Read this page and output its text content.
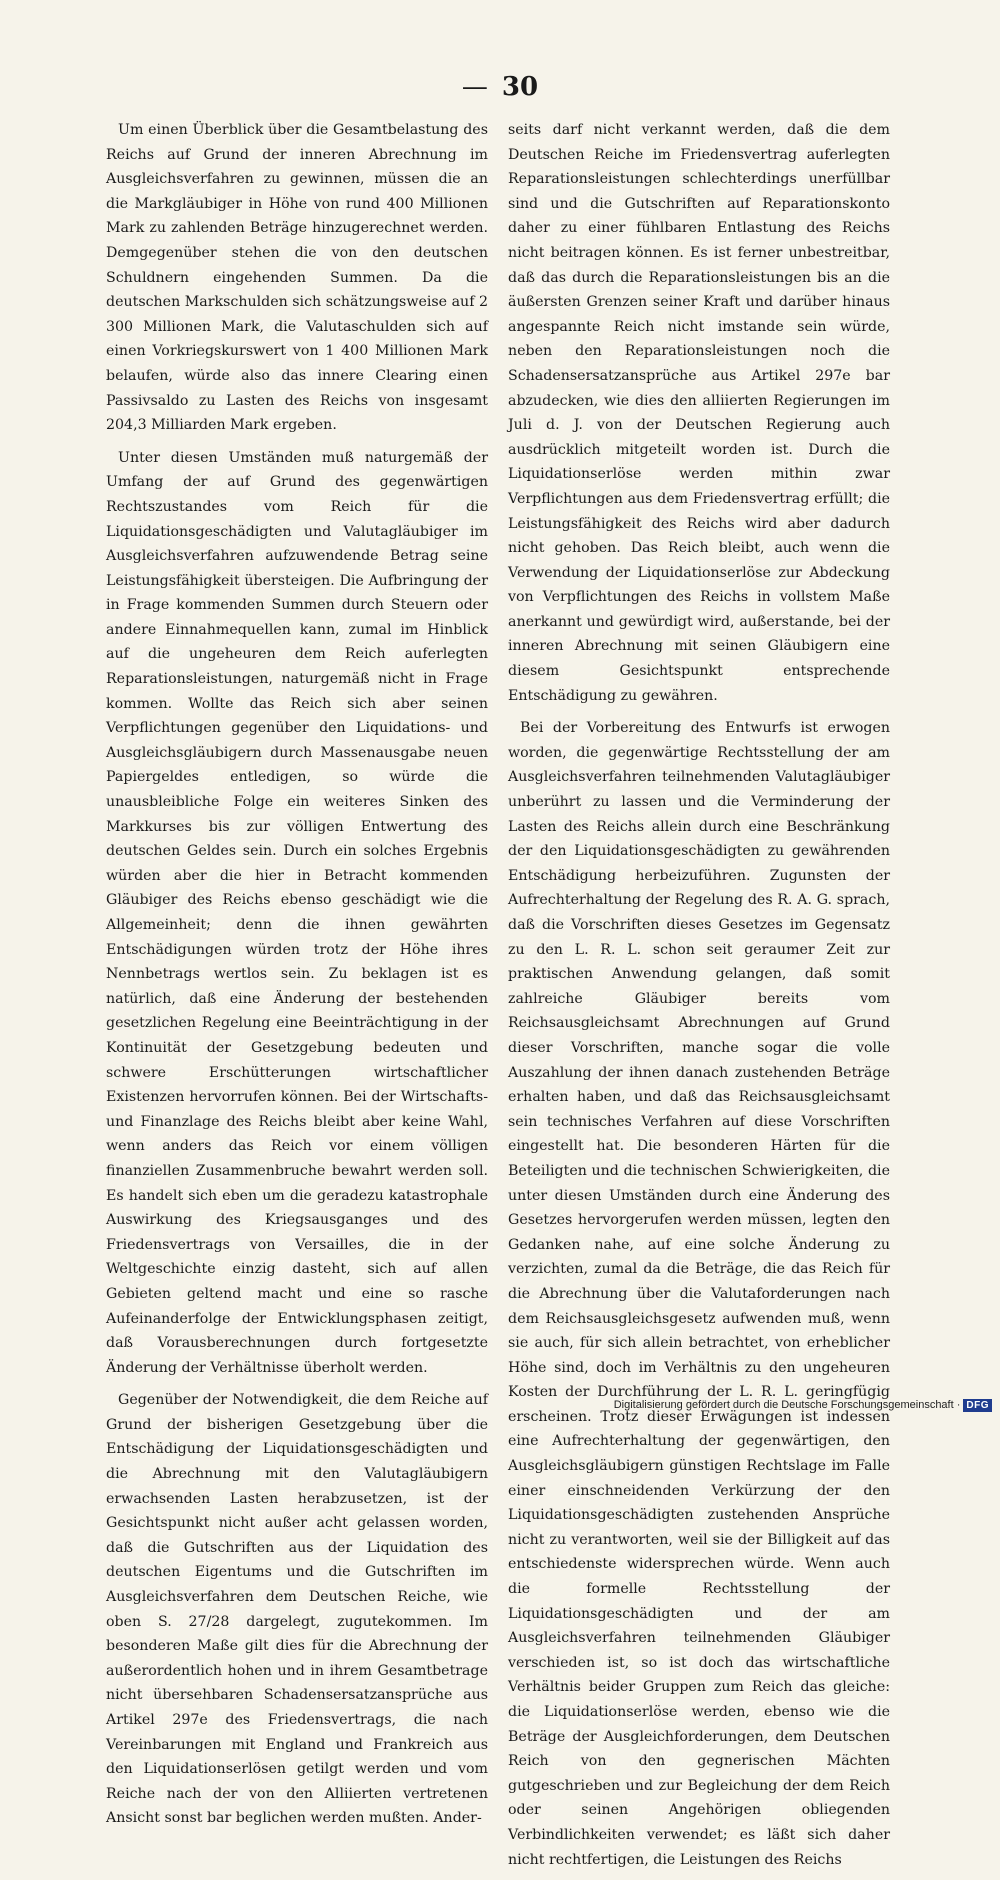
— 30

Um einen Überblick über die Gesamtbelastung des Reichs auf Grund der inneren Abrechnung im Ausgleichsverfahren zu gewinnen, müssen die an die Markgläubiger in Höhe von rund 400 Millionen Mark zu zahlenden Beträge hinzugerechnet werden. Demgegenüber stehen die von den deutschen Schuldnern eingehenden Summen. Da die deutschen Markschulden sich schätzungsweise auf 2 300 Millionen Mark, die Valutaschulden sich auf einen Vorkriegskurswert von 1 400 Millionen Mark belaufen, würde also das innere Clearing einen Passivsaldo zu Lasten des Reichs von insgesamt 204,3 Milliarden Mark ergeben.

Unter diesen Umständen muß naturgemäß der Umfang der auf Grund des gegenwärtigen Rechtszustandes vom Reich für die Liquidationsgeschädigten und Valutagläubiger im Ausgleichsverfahren aufzuwendende Betrag seine Leistungsfähigkeit übersteigen. Die Aufbringung der in Frage kommenden Summen durch Steuern oder andere Einnahmequellen kann, zumal im Hinblick auf die ungeheuren dem Reich auferlegten Reparationsleistungen, naturgemäß nicht in Frage kommen. Wollte das Reich sich aber seinen Verpflichtungen gegenüber den Liquidations- und Ausgleichsgläubigern durch Massenausgabe neuen Papiergeldes entledigen, so würde die unausbleibliche Folge ein weiteres Sinken des Markkurses bis zur völligen Entwertung des deutschen Geldes sein. Durch ein solches Ergebnis würden aber die hier in Betracht kommenden Gläubiger des Reichs ebenso geschädigt wie die Allgemeinheit; denn die ihnen gewährten Entschädigungen würden trotz der Höhe ihres Nennbetrags wertlos sein. Zu beklagen ist es natürlich, daß eine Änderung der bestehenden gesetzlichen Regelung eine Beeinträchtigung in der Kontinuität der Gesetzgebung bedeuten und schwere Erschütterungen wirtschaftlicher Existenzen hervorrufen können. Bei der Wirtschafts- und Finanzlage des Reichs bleibt aber keine Wahl, wenn anders das Reich vor einem völligen finanziellen Zusammenbruche bewahrt werden soll. Es handelt sich eben um die geradezu katastrophale Auswirkung des Kriegsausganges und des Friedensvertrags von Versailles, die in der Weltgeschichte einzig dasteht, sich auf allen Gebieten geltend macht und eine so rasche Aufeinanderfolge der Entwicklungsphasen zeitigt, daß Vorausberechnungen durch fortgesetzte Änderung der Verhältnisse überholt werden.

Gegenüber der Notwendigkeit, die dem Reiche auf Grund der bisherigen Gesetzgebung über die Entschädigung der Liquidationsgeschädigten und die Abrechnung mit den Valutagläubigern erwachsenden Lasten herabzusetzen, ist der Gesichtspunkt nicht außer acht gelassen worden, daß die Gutschriften aus der Liquidation des deutschen Eigentums und die Gutschriften im Ausgleichsverfahren dem Deutschen Reiche, wie oben S. 27/28 dargelegt, zugutekommen. Im besonderen Maße gilt dies für die Abrechnung der außerordentlich hohen und in ihrem Gesamtbetrage nicht übersehbaren Schadensersatzansprüche aus Artikel 297e des Friedensvertrags, die nach Vereinbarungen mit England und Frankreich aus den Liquidationserlösen getilgt werden und vom Reiche nach der von den Alliierten vertretenen Ansicht sonst bar beglichen werden mußten. Ander-

seits darf nicht verkannt werden, daß die dem Deutschen Reiche im Friedensvertrag auferlegten Reparationsleistungen schlechterdings unerfüllbar sind und die Gutschriften auf Reparationskonto daher zu einer fühlbaren Entlastung des Reichs nicht beitragen können. Es ist ferner unbestreitbar, daß das durch die Reparationsleistungen bis an die äußersten Grenzen seiner Kraft und darüber hinaus angespannte Reich nicht imstande sein würde, neben den Reparationsleistungen noch die Schadensersatzansprüche aus Artikel 297e bar abzudecken, wie dies den alliierten Regierungen im Juli d. J. von der Deutschen Regierung auch ausdrücklich mitgeteilt worden ist. Durch die Liquidationserlöse werden mithin zwar Verpflichtungen aus dem Friedensvertrag erfüllt; die Leistungsfähigkeit des Reichs wird aber dadurch nicht gehoben. Das Reich bleibt, auch wenn die Verwendung der Liquidationserlöse zur Abdeckung von Verpflichtungen des Reichs in vollstem Maße anerkannt und gewürdigt wird, außerstande, bei der inneren Abrechnung mit seinen Gläubigern eine diesem Gesichtspunkt entsprechende Entschädigung zu gewähren.

Bei der Vorbereitung des Entwurfs ist erwogen worden, die gegenwärtige Rechtsstellung der am Ausgleichsverfahren teilnehmenden Valutagläubiger unberührt zu lassen und die Verminderung der Lasten des Reichs allein durch eine Beschränkung der den Liquidationsgeschädigten zu gewährenden Entschädigung herbeizuführen. Zugunsten der Aufrechterhaltung der Regelung des R. A. G. sprach, daß die Vorschriften dieses Gesetzes im Gegensatz zu den L. R. L. schon seit geraumer Zeit zur praktischen Anwendung gelangen, daß somit zahlreiche Gläubiger bereits vom Reichsausgleichsamt Abrechnungen auf Grund dieser Vorschriften, manche sogar die volle Auszahlung der ihnen danach zustehenden Beträge erhalten haben, und daß das Reichsausgleichsamt sein technisches Verfahren auf diese Vorschriften eingestellt hat. Die besonderen Härten für die Beteiligten und die technischen Schwierigkeiten, die unter diesen Umständen durch eine Änderung des Gesetzes hervorgerufen werden müssen, legten den Gedanken nahe, auf eine solche Änderung zu verzichten, zumal da die Beträge, die das Reich für die Abrechnung über die Valutaforderungen nach dem Reichsausgleichsgesetz aufwenden muß, wenn sie auch, für sich allein betrachtet, von erheblicher Höhe sind, doch im Verhältnis zu den ungeheuren Kosten der Durchführung der L. R. L. geringfügig erscheinen. Trotz dieser Erwägungen ist indessen eine Aufrechterhaltung der gegenwärtigen, den Ausgleichsgläubigern günstigen Rechtslage im Falle einer einschneidenden Verkürzung der den Liquidationsgeschädigten zustehenden Ansprüche nicht zu verantworten, weil sie der Billigkeit auf das entschiedenste widersprechen würde. Wenn auch die formelle Rechtsstellung der Liquidationsgeschädigten und der am Ausgleichsverfahren teilnehmenden Gläubiger verschieden ist, so ist doch das wirtschaftliche Verhältnis beider Gruppen zum Reich das gleiche: die Liquidationserlöse werden, ebenso wie die Beträge der Ausgleichforderungen, dem Deutschen Reich von den gegnerischen Mächten gutgeschrieben und zur Begleichung der dem Reich oder seinen Angehörigen obliegenden Verbindlichkeiten verwendet; es läßt sich daher nicht rechtfertigen, die Leistungen des Reichs

Digitalisierung gefördert durch die Deutsche Forschungsgemeinschaft · DFG
